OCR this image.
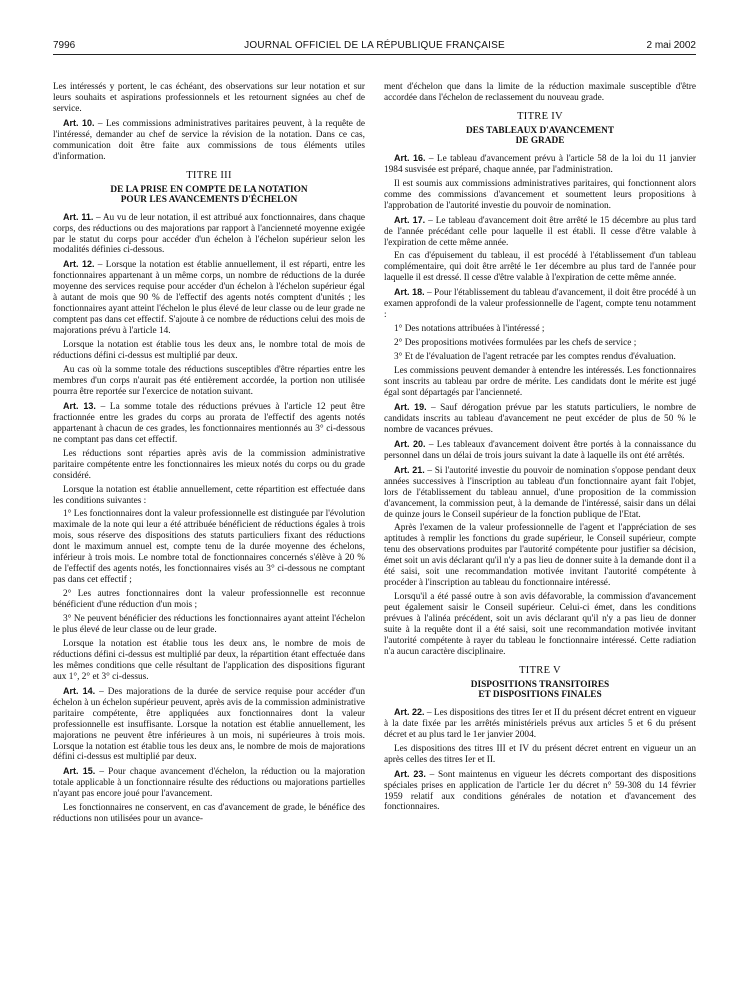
7996	JOURNAL OFFICIEL DE LA RÉPUBLIQUE FRANÇAISE	2 mai 2002

Les intéressés y portent, le cas échéant, des observations sur leur notation et sur leurs souhaits et aspirations professionnels et les retournent signées au chef de service.

Art. 10. – Les commissions administratives paritaires peuvent, à la requête de l'intéressé, demander au chef de service la révision de la notation. Dans ce cas, communication doit être faite aux commissions de tous éléments utiles d'information.

TITRE III
DE LA PRISE EN COMPTE DE LA NOTATION
POUR LES AVANCEMENTS D'ÉCHELON

Art. 11. – Au vu de leur notation, il est attribué aux fonctionnaires, dans chaque corps, des réductions ou des majorations par rapport à l'ancienneté moyenne exigée par le statut du corps pour accéder d'un échelon à l'échelon supérieur selon les modalités définies ci-dessous.

Art. 12. – Lorsque la notation est établie annuellement, il est réparti, entre les fonctionnaires appartenant à un même corps, un nombre de réductions de la durée moyenne des services requise pour accéder d'un échelon à l'échelon supérieur égal à autant de mois que 90 % de l'effectif des agents notés comptent d'unités ; les fonctionnaires ayant atteint l'échelon le plus élevé de leur classe ou de leur grade ne comptent pas dans cet effectif. S'ajoute à ce nombre de réductions celui des mois de majorations prévu à l'article 14.

Lorsque la notation est établie tous les deux ans, le nombre total de mois de réductions défini ci-dessus est multiplié par deux.

Au cas où la somme totale des réductions susceptibles d'être réparties entre les membres d'un corps n'aurait pas été entièrement accordée, la portion non utilisée pourra être reportée sur l'exercice de notation suivant.

Art. 13. – La somme totale des réductions prévues à l'article 12 peut être fractionnée entre les grades du corps au prorata de l'effectif des agents notés appartenant à chacun de ces grades, les fonctionnaires mentionnés au 3° ci-dessous ne comptant pas dans cet effectif.

Les réductions sont réparties après avis de la commission administrative paritaire compétente entre les fonctionnaires les mieux notés du corps ou du grade considéré.

Lorsque la notation est établie annuellement, cette répartition est effectuée dans les conditions suivantes :

1° Les fonctionnaires dont la valeur professionnelle est distinguée par l'évolution maximale de la note qui leur a été attribuée bénéficient de réductions égales à trois mois, sous réserve des dispositions des statuts particuliers fixant des réductions dont le maximum annuel est, compte tenu de la durée moyenne des échelons, inférieur à trois mois. Le nombre total de fonctionnaires concernés s'élève à 20 % de l'effectif des agents notés, les fonctionnaires visés au 3° ci-dessous ne comptant pas dans cet effectif ;

2° Les autres fonctionnaires dont la valeur professionnelle est reconnue bénéficient d'une réduction d'un mois ;

3° Ne peuvent bénéficier des réductions les fonctionnaires ayant atteint l'échelon le plus élevé de leur classe ou de leur grade.

Lorsque la notation est établie tous les deux ans, le nombre de mois de réductions défini ci-dessus est multiplié par deux, la répartition étant effectuée dans les mêmes conditions que celle résultant de l'application des dispositions figurant aux 1°, 2° et 3° ci-dessus.

Art. 14. – Des majorations de la durée de service requise pour accéder d'un échelon à un échelon supérieur peuvent, après avis de la commission administrative paritaire compétente, être appliquées aux fonctionnaires dont la valeur professionnelle est insuffisante. Lorsque la notation est établie annuellement, les majorations ne peuvent être inférieures à un mois, ni supérieures à trois mois. Lorsque la notation est établie tous les deux ans, le nombre de mois de majorations défini ci-dessus est multiplié par deux.

Art. 15. – Pour chaque avancement d'échelon, la réduction ou la majoration totale applicable à un fonctionnaire résulte des réductions ou majorations partielles n'ayant pas encore joué pour l'avancement.

Les fonctionnaires ne conservent, en cas d'avancement de grade, le bénéfice des réductions non utilisées pour un avance-

ment d'échelon que dans la limite de la réduction maximale susceptible d'être accordée dans l'échelon de reclassement du nouveau grade.

TITRE IV
DES TABLEAUX D'AVANCEMENT
DE GRADE

Art. 16. – Le tableau d'avancement prévu à l'article 58 de la loi du 11 janvier 1984 susvisée est préparé, chaque année, par l'administration.

Il est soumis aux commissions administratives paritaires, qui fonctionnent alors comme des commissions d'avancement et soumettent leurs propositions à l'approbation de l'autorité investie du pouvoir de nomination.

Art. 17. – Le tableau d'avancement doit être arrêté le 15 décembre au plus tard de l'année précédant celle pour laquelle il est établi. Il cesse d'être valable à l'expiration de cette même année.

En cas d'épuisement du tableau, il est procédé à l'établissement d'un tableau complémentaire, qui doit être arrêté le 1er décembre au plus tard de l'année pour laquelle il est dressé. Il cesse d'être valable à l'expiration de cette même année.

Art. 18. – Pour l'établissement du tableau d'avancement, il doit être procédé à un examen approfondi de la valeur professionnelle de l'agent, compte tenu notamment :

1° Des notations attribuées à l'intéressé ;

2° Des propositions motivées formulées par les chefs de service ;

3° Et de l'évaluation de l'agent retracée par les comptes rendus d'évaluation.

Les commissions peuvent demander à entendre les intéressés. Les fonctionnaires sont inscrits au tableau par ordre de mérite. Les candidats dont le mérite est jugé égal sont départagés par l'ancienneté.

Art. 19. – Sauf dérogation prévue par les statuts particuliers, le nombre de candidats inscrits au tableau d'avancement ne peut excéder de plus de 50 % le nombre de vacances prévues.

Art. 20. – Les tableaux d'avancement doivent être portés à la connaissance du personnel dans un délai de trois jours suivant la date à laquelle ils ont été arrêtés.

Art. 21. – Si l'autorité investie du pouvoir de nomination s'oppose pendant deux années successives à l'inscription au tableau d'un fonctionnaire ayant fait l'objet, lors de l'établissement du tableau annuel, d'une proposition de la commission d'avancement, la commission peut, à la demande de l'intéressé, saisir dans un délai de quinze jours le Conseil supérieur de la fonction publique de l'Etat.

Après l'examen de la valeur professionnelle de l'agent et l'appréciation de ses aptitudes à remplir les fonctions du grade supérieur, le Conseil supérieur, compte tenu des observations produites par l'autorité compétente pour justifier sa décision, émet soit un avis déclarant qu'il n'y a pas lieu de donner suite à la demande dont il a été saisi, soit une recommandation motivée invitant l'autorité compétente à procéder à l'inscription au tableau du fonctionnaire intéressé.

Lorsqu'il a été passé outre à son avis défavorable, la commission d'avancement peut également saisir le Conseil supérieur. Celui-ci émet, dans les conditions prévues à l'alinéa précédent, soit un avis déclarant qu'il n'y a pas lieu de donner suite à la requête dont il a été saisi, soit une recommandation motivée invitant l'autorité compétente à rayer du tableau le fonctionnaire intéressé. Cette radiation n'a aucun caractère disciplinaire.

TITRE V
DISPOSITIONS TRANSITOIRES
ET DISPOSITIONS FINALES

Art. 22. – Les dispositions des titres Ier et II du présent décret entrent en vigueur à la date fixée par les arrêtés ministériels prévus aux articles 5 et 6 du présent décret et au plus tard le 1er janvier 2004.

Les dispositions des titres III et IV du présent décret entrent en vigueur un an après celles des titres Ier et II.

Art. 23. – Sont maintenus en vigueur les décrets comportant des dispositions spéciales prises en application de l'article 1er du décret n° 59-308 du 14 février 1959 relatif aux conditions générales de notation et d'avancement des fonctionnaires.
